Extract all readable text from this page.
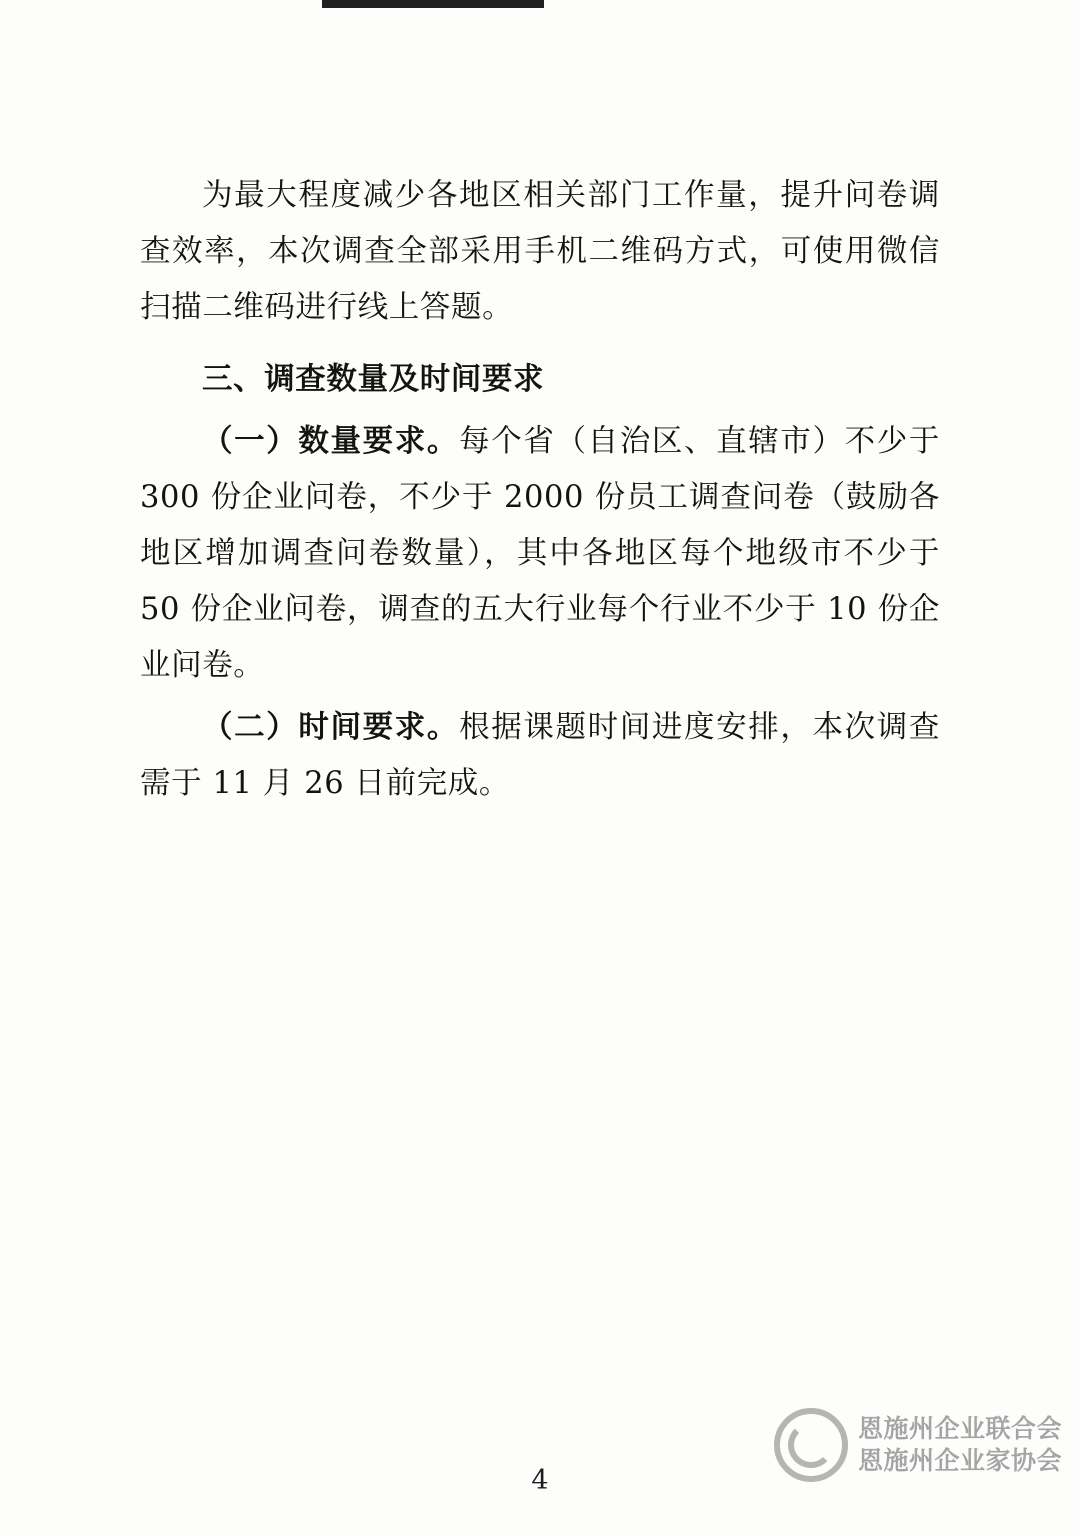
为最大程度减少各地区相关部门工作量，提升问卷调查效率，本次调查全部采用手机二维码方式，可使用微信扫描二维码进行线上答题。

三、调查数量及时间要求

（一）数量要求。每个省（自治区、直辖市）不少于 300 份企业问卷，不少于 2000 份员工调查问卷（鼓励各地区增加调查问卷数量），其中各地区每个地级市不少于 50 份企业问卷，调查的五大行业每个行业不少于 10 份企业问卷。

（二）时间要求。根据课题时间进度安排，本次调查需于 11 月 26 日前完成。

4
恩施州企业联合会
恩施州企业家协会
